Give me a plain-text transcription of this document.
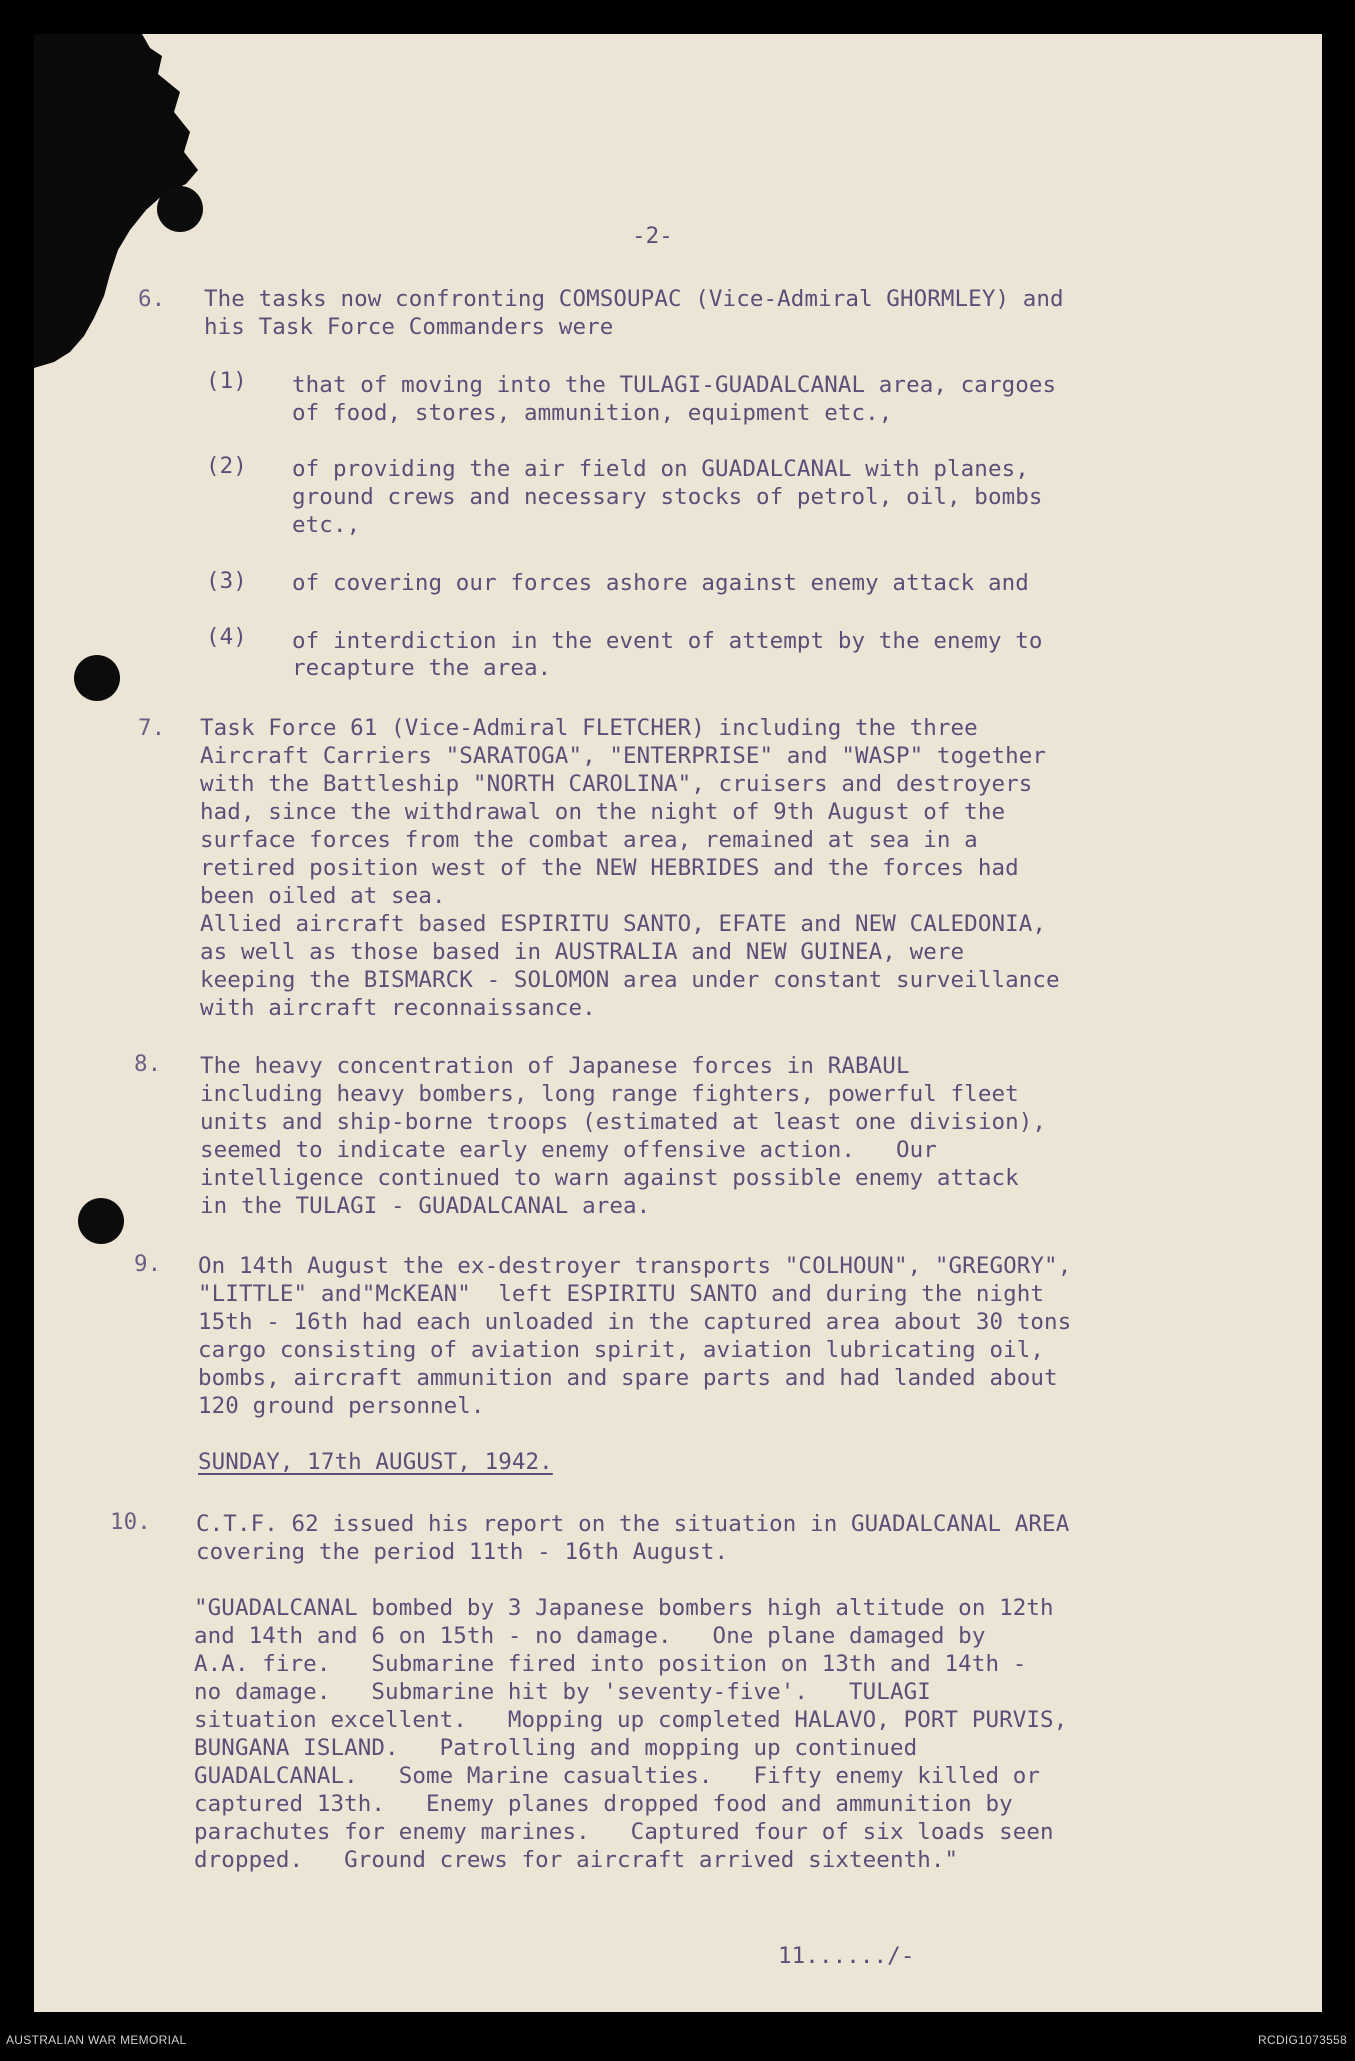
-2-

6. The tasks now confronting COMSOUPAC (Vice-Admiral GHORMLEY) and

his Task Force Commanders were

(1) that of moving into the TULAGI-GUADALCANAL area, cargoes

of food, stores, ammunition, equipment etc.,

(2) of providing the air field on GUADALCANAL with planes,

ground crews and necessary stocks of petrol, oil, bombs

etc.,

(3) of covering our forces ashore against enemy attack and

(4) of interdiction in the event of attempt by the enemy to

recapture the area.

7. Task Force 61 (Vice-Admiral FLETCHER) including the three

Aircraft Carriers "SARATOGA", "ENTERPRISE" and "WASP" together

with the Battleship "NORTH CAROLINA", cruisers and destroyers

had, since the withdrawal on the night of 9th August of the

surface forces from the combat area, remained at sea in a

retired position west of the NEW HEBRIDES and the forces had

been oiled at sea.

Allied aircraft based ESPIRITU SANTO, EFATE and NEW CALEDONIA,

as well as those based in AUSTRALIA and NEW GUINEA, were

keeping the BISMARCK - SOLOMON area under constant surveillance

with aircraft reconnaissance.

8. The heavy concentration of Japanese forces in RABAUL

including heavy bombers, long range fighters, powerful fleet

units and ship-borne troops (estimated at least one division),

seemed to indicate early enemy offensive action.   Our

intelligence continued to warn against possible enemy attack

in the TULAGI - GUADALCANAL area.

9. On 14th August the ex-destroyer transports "COLHOUN", "GREGORY",

"LITTLE" and"McKEAN"  left ESPIRITU SANTO and during the night

15th - 16th had each unloaded in the captured area about 30 tons

cargo consisting of aviation spirit, aviation lubricating oil,

bombs, aircraft ammunition and spare parts and had landed about

120 ground personnel.

SUNDAY, 17th AUGUST, 1942.

10. C.T.F. 62 issued his report on the situation in GUADALCANAL AREA

covering the period 11th - 16th August.

"GUADALCANAL bombed by 3 Japanese bombers high altitude on 12th

and 14th and 6 on 15th - no damage.   One plane damaged by

A.A. fire.   Submarine fired into position on 13th and 14th -

no damage.   Submarine hit by 'seventy-five'.   TULAGI

situation excellent.   Mopping up completed HALAVO, PORT PURVIS,

BUNGANA ISLAND.   Patrolling and mopping up continued

GUADALCANAL.   Some Marine casualties.   Fifty enemy killed or

captured 13th.   Enemy planes dropped food and ammunition by

parachutes for enemy marines.   Captured four of six loads seen

dropped.   Ground crews for aircraft arrived sixteenth."

11....../-

AUSTRALIAN WAR MEMORIAL	RCDIG1073558
